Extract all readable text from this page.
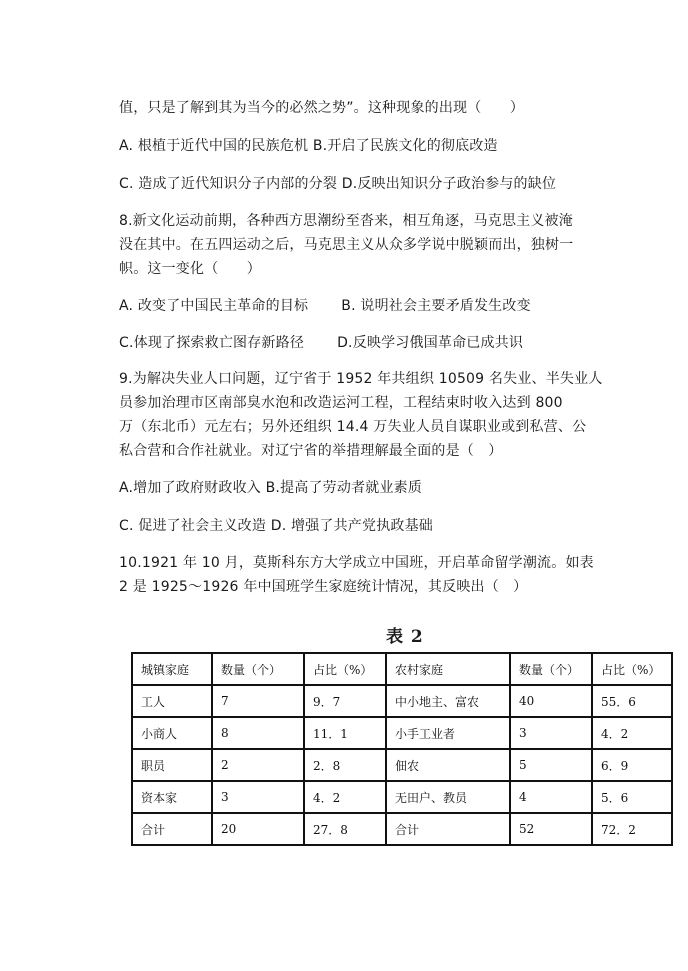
值，只是了解到其为当今的必然之势”。这种现象的出现（　　）
A. 根植于近代中国的民族危机 B.开启了民族文化的彻底改造
C. 造成了近代知识分子内部的分裂 D.反映出知识分子政治参与的缺位
8.新文化运动前期，各种西方思潮纷至沓来，相互角逐，马克思主义被淹
没在其中。在五四运动之后，马克思主义从众多学说中脱颖而出，独树一
帜。这一变化（　　）
A. 改变了中国民主革命的目标　　 B. 说明社会主要矛盾发生改变
C.体现了探索救亡图存新路径　　 D.反映学习俄国革命已成共识
9.为解决失业人口问题，辽宁省于 1952 年共组织 10509 名失业、半失业人
员参加治理市区南部臭水泡和改造运河工程，工程结束时收入达到 800
万（东北币）元左右；另外还组织 14.4 万失业人员自谋职业或到私营、公
私合营和合作社就业。对辽宁省的举措理解最全面的是（　）
A.增加了政府财政收入 B.提高了劳动者就业素质
C. 促进了社会主义改造 D. 增强了共产党执政基础
10.1921 年 10 月，莫斯科东方大学成立中国班，开启革命留学潮流。如表
2 是 1925～1926 年中国班学生家庭统计情况，其反映出（　）
表 2
城镇家庭	数量（个）	占比（%）	农村家庭	数量（个）	占比（%）
工人	7	9．7	中小地主、富农	40	55．6
小商人	8	11．1	小手工业者	3	4．2
职员	2	2．8	佃农	5	6．9
资本家	3	4．2	无田户、教员	4	5．6
合计	20	27．8	合计	52	72．2
